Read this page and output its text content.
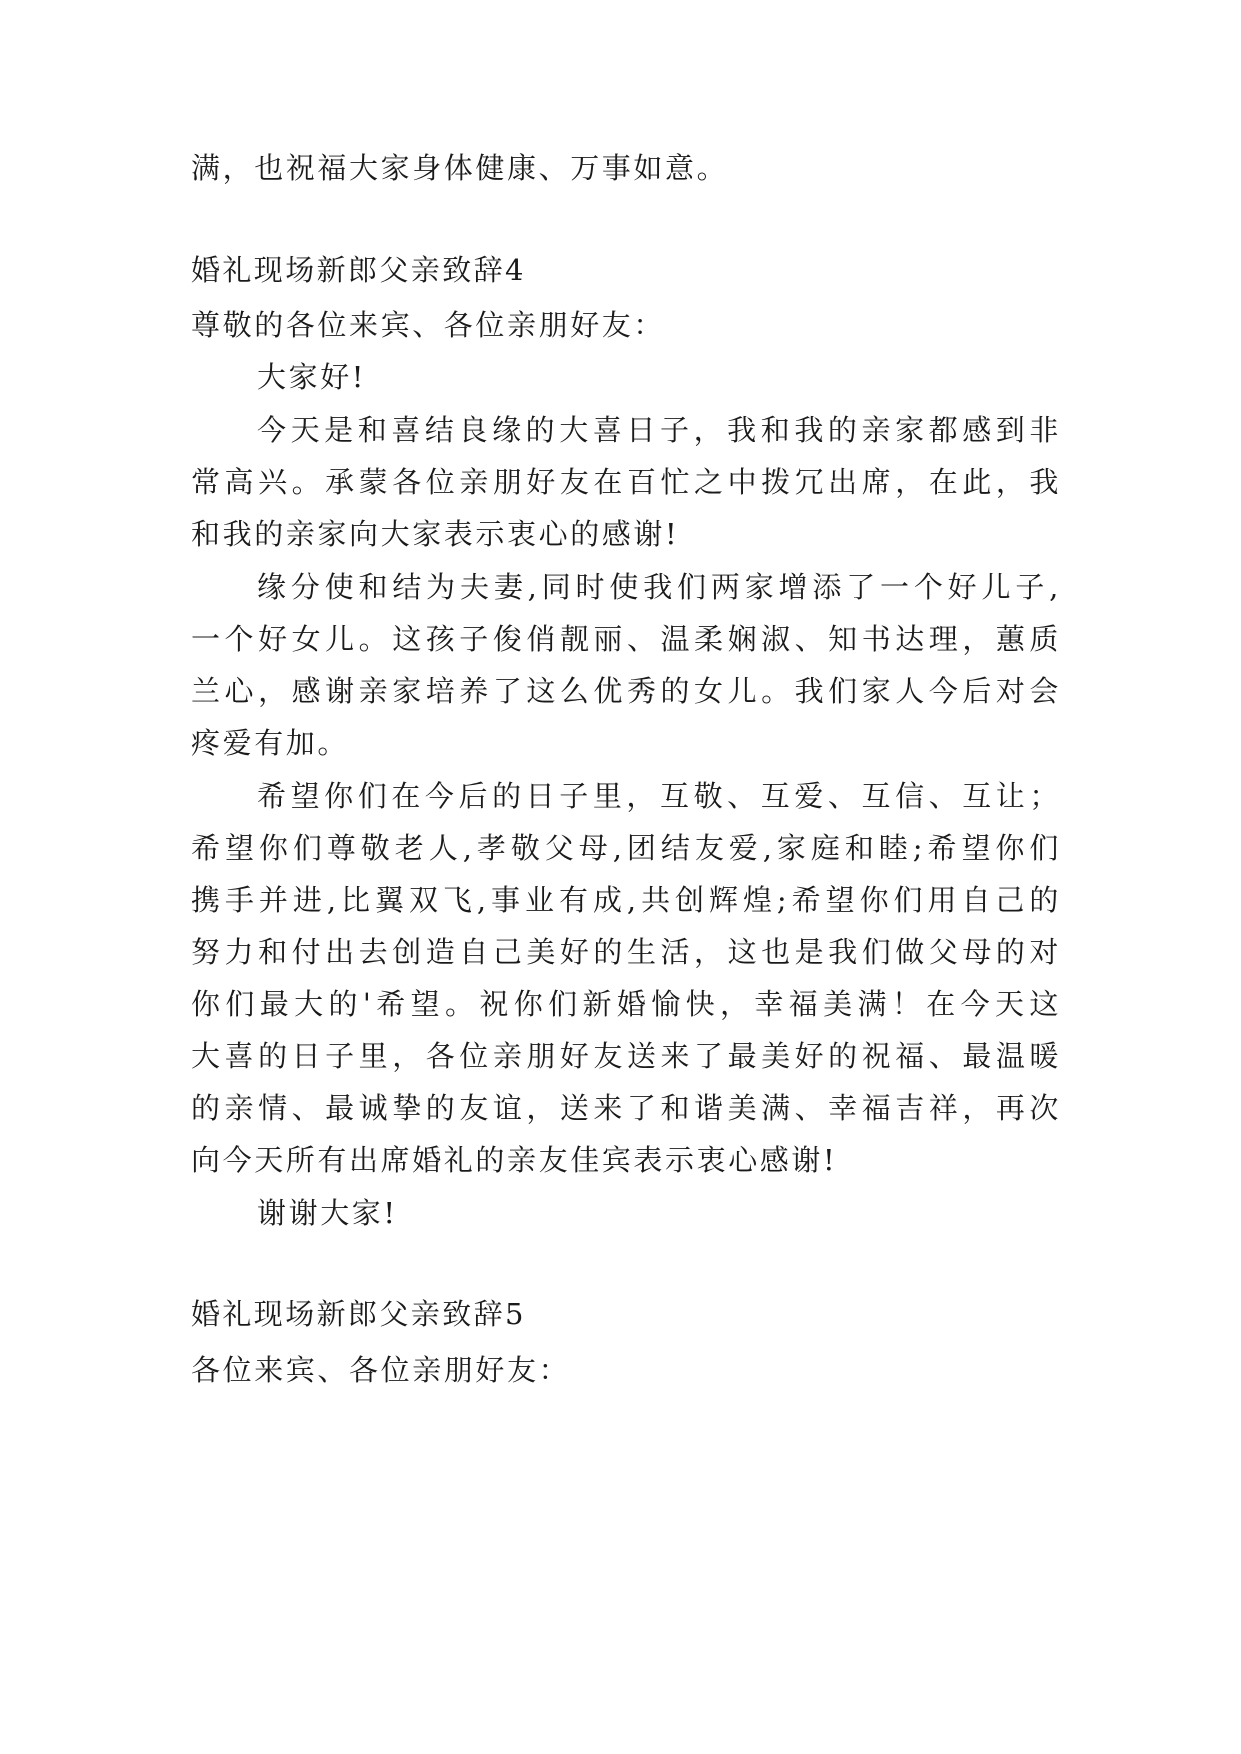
满，也祝福大家身体健康、万事如意。

婚礼现场新郎父亲致辞4

尊敬的各位来宾、各位亲朋好友：

大家好!

今天是和喜结良缘的大喜日子，我和我的亲家都感到非

常高兴。承蒙各位亲朋好友在百忙之中拨冗出席，在此，我

和我的亲家向大家表示衷心的感谢!

缘分使和结为夫妻,同时使我们两家增添了一个好儿子,

一个好女儿。这孩子俊俏靓丽、温柔娴淑、知书达理，蕙质

兰心，感谢亲家培养了这么优秀的女儿。我们家人今后对会

疼爱有加。

希望你们在今后的日子里，互敬、互爱、互信、互让；

希望你们尊敬老人,孝敬父母,团结友爱,家庭和睦;希望你们

携手并进,比翼双飞,事业有成,共创辉煌;希望你们用自己的

努力和付出去创造自己美好的生活，这也是我们做父母的对

你们最大的'希望。祝你们新婚愉快，幸福美满！在今天这

大喜的日子里，各位亲朋好友送来了最美好的祝福、最温暖

的亲情、最诚挚的友谊，送来了和谐美满、幸福吉祥，再次

向今天所有出席婚礼的亲友佳宾表示衷心感谢!

谢谢大家!

婚礼现场新郎父亲致辞5

各位来宾、各位亲朋好友：
